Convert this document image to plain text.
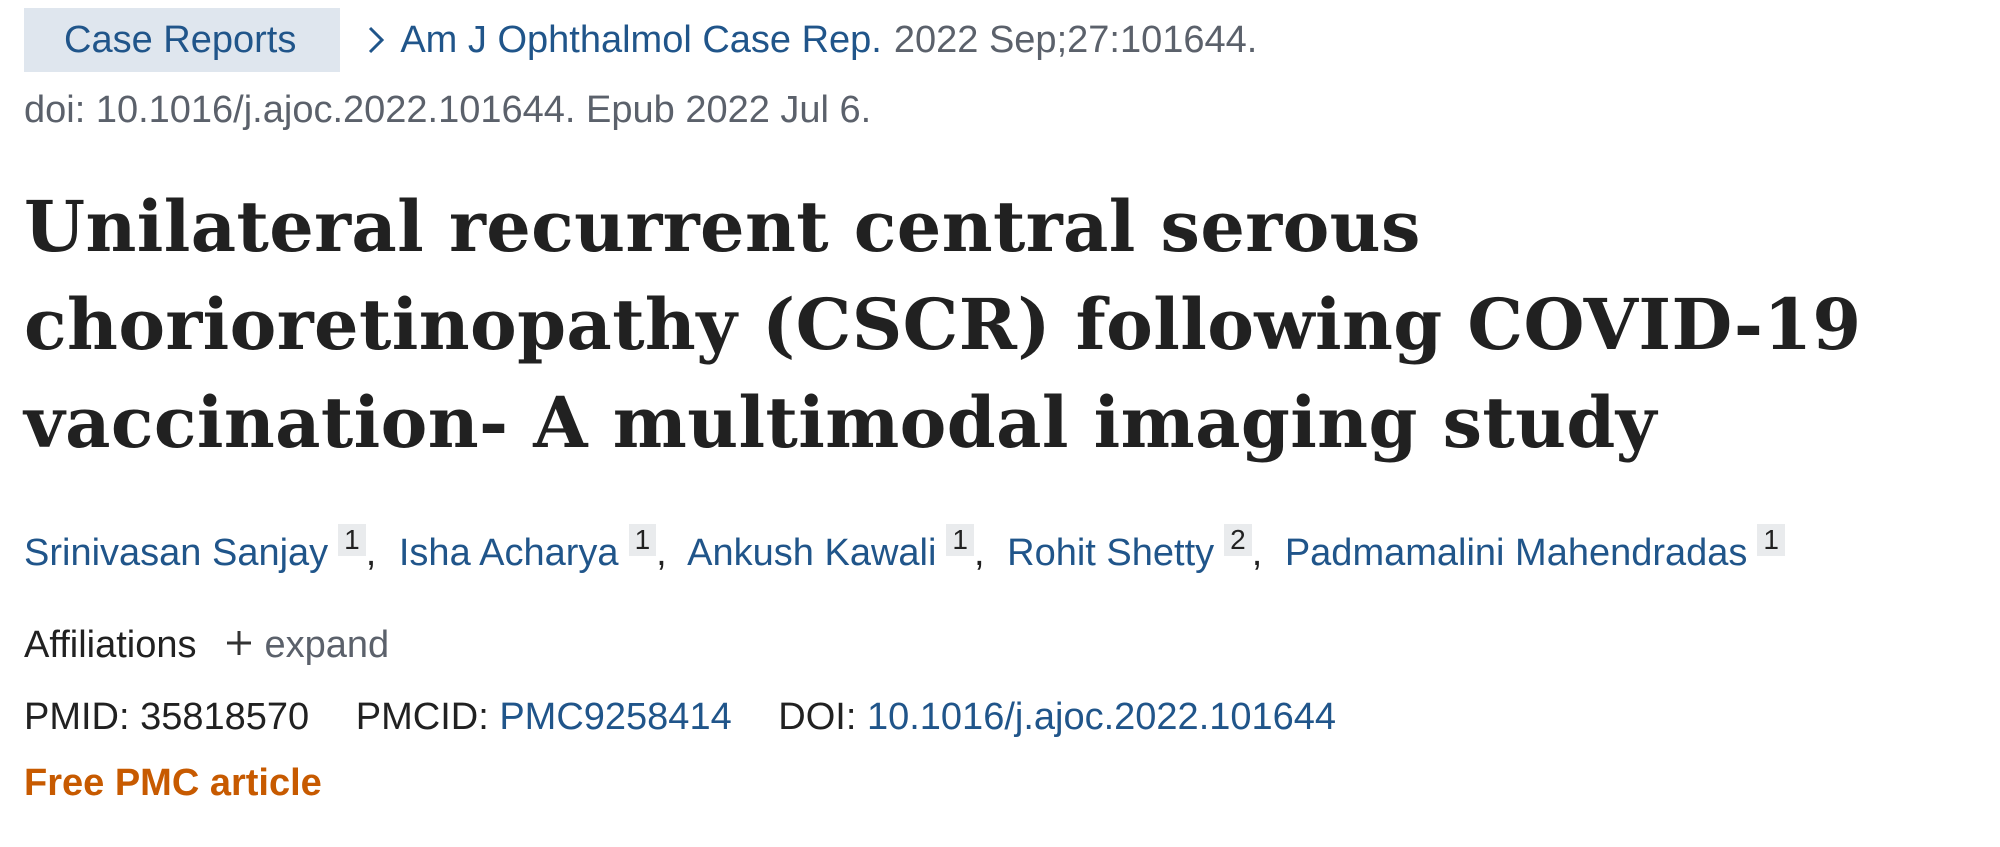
Case Reports	Am J Ophthalmol Case Rep. 2022 Sep;27:101644.
doi: 10.1016/j.ajoc.2022.101644. Epub 2022 Jul 6.
Unilateral recurrent central serous chorioretinopathy (CSCR) following COVID-19 vaccination- A multimodal imaging study
Srinivasan Sanjay 1 , Isha Acharya 1 , Ankush Kawali 1 , Rohit Shetty 2 , Padmamalini Mahendradas 1
Affiliations expand
PMID: 35818570 PMCID: PMC9258414 DOI: 10.1016/j.ajoc.2022.101644
Free PMC article
